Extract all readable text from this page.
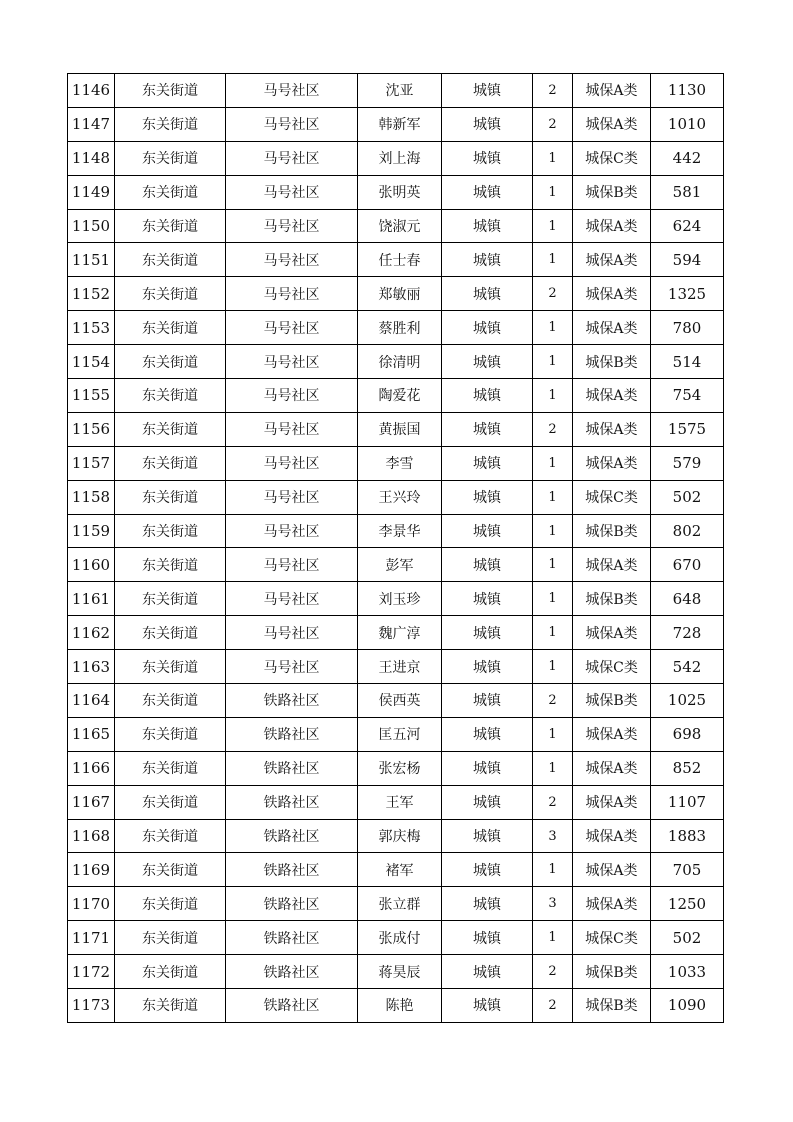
1146	东关街道	马号社区	沈亚	城镇	2	城保A类	1130
1147	东关街道	马号社区	韩新军	城镇	2	城保A类	1010
1148	东关街道	马号社区	刘上海	城镇	1	城保C类	442
1149	东关街道	马号社区	张明英	城镇	1	城保B类	581
1150	东关街道	马号社区	饶淑元	城镇	1	城保A类	624
1151	东关街道	马号社区	任士春	城镇	1	城保A类	594
1152	东关街道	马号社区	郑敏丽	城镇	2	城保A类	1325
1153	东关街道	马号社区	蔡胜利	城镇	1	城保A类	780
1154	东关街道	马号社区	徐清明	城镇	1	城保B类	514
1155	东关街道	马号社区	陶爱花	城镇	1	城保A类	754
1156	东关街道	马号社区	黄振国	城镇	2	城保A类	1575
1157	东关街道	马号社区	李雪	城镇	1	城保A类	579
1158	东关街道	马号社区	王兴玲	城镇	1	城保C类	502
1159	东关街道	马号社区	李景华	城镇	1	城保B类	802
1160	东关街道	马号社区	彭军	城镇	1	城保A类	670
1161	东关街道	马号社区	刘玉珍	城镇	1	城保B类	648
1162	东关街道	马号社区	魏广淳	城镇	1	城保A类	728
1163	东关街道	马号社区	王进京	城镇	1	城保C类	542
1164	东关街道	铁路社区	侯西英	城镇	2	城保B类	1025
1165	东关街道	铁路社区	匡五河	城镇	1	城保A类	698
1166	东关街道	铁路社区	张宏杨	城镇	1	城保A类	852
1167	东关街道	铁路社区	王军	城镇	2	城保A类	1107
1168	东关街道	铁路社区	郭庆梅	城镇	3	城保A类	1883
1169	东关街道	铁路社区	褚军	城镇	1	城保A类	705
1170	东关街道	铁路社区	张立群	城镇	3	城保A类	1250
1171	东关街道	铁路社区	张成付	城镇	1	城保C类	502
1172	东关街道	铁路社区	蒋昊辰	城镇	2	城保B类	1033
1173	东关街道	铁路社区	陈艳	城镇	2	城保B类	1090
